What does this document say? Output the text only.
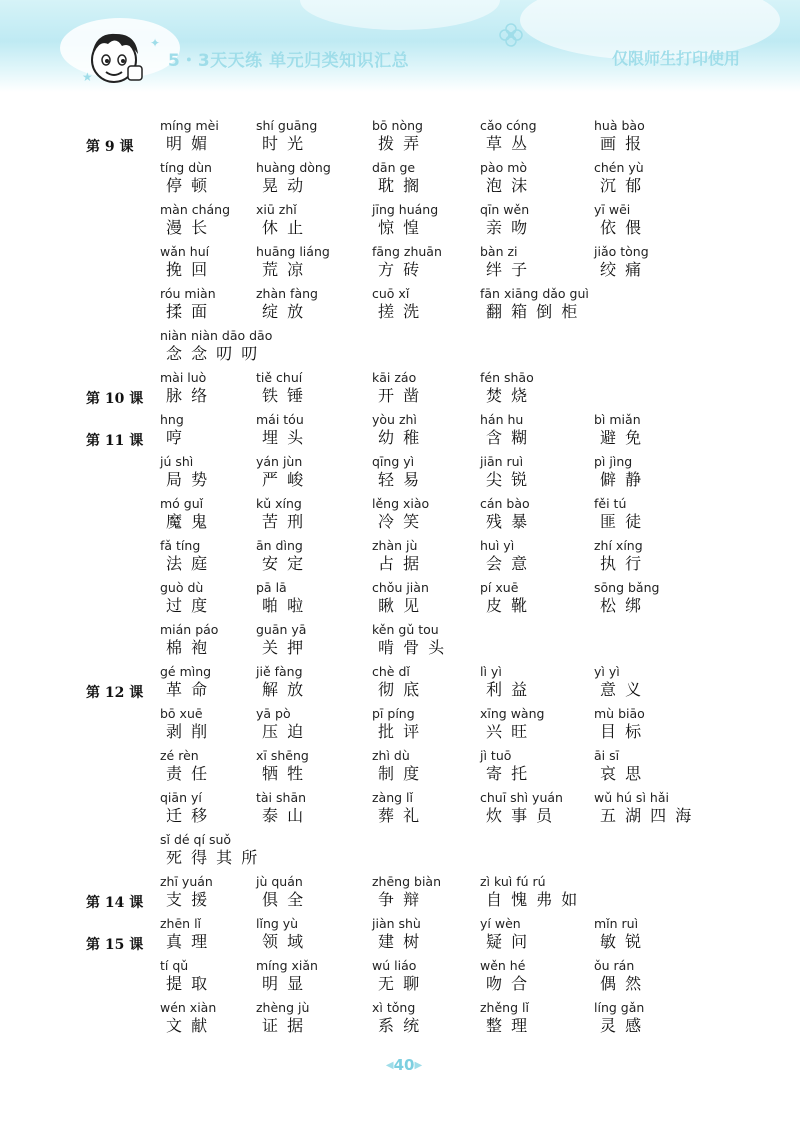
★
✦
5・3天天练 单元归类知识汇总	仅限师生打印使用
第 9 课
míng mèi
明 媚
shí guāng
时 光
bō nòng
拨 弄
cǎo cóng
草 丛
huà bào
画 报
tíng dùn
停 顿
huàng dòng
晃 动
dān ge
耽 搁
pào mò
泡 沫
chén yù
沉 郁
màn cháng
漫 长
xiū zhǐ
休 止
jīng huáng
惊 惶
qīn wěn
亲 吻
yī wēi
依 偎
wǎn huí
挽 回
huāng liáng
荒 凉
fāng zhuān
方 砖
bàn zi
绊 子
jiǎo tòng
绞 痛
róu miàn
揉 面
zhàn fàng
绽 放
cuō xǐ
搓 洗
fān xiāng dǎo guì
翻 箱 倒 柜
niàn niàn dāo dāo
念 念 叨 叨
第 10 课
mài luò
脉 络
tiě chuí
铁 锤
kāi záo
开 凿
fén shāo
焚 烧
第 11 课
hng
哼
mái tóu
埋 头
yòu zhì
幼 稚
hán hu
含 糊
bì miǎn
避 免
jú shì
局 势
yán jùn
严 峻
qīng yì
轻 易
jiān ruì
尖 锐
pì jìng
僻 静
mó guǐ
魔 鬼
kǔ xíng
苦 刑
lěng xiào
冷 笑
cán bào
残 暴
fěi tú
匪 徒
fǎ tíng
法 庭
ān dìng
安 定
zhàn jù
占 据
huì yì
会 意
zhí xíng
执 行
guò dù
过 度
pā lā
啪 啦
chǒu jiàn
瞅 见
pí xuē
皮 靴
sōng bǎng
松 绑
mián páo
棉 袍
guān yā
关 押
kěn gǔ tou
啃 骨 头
第 12 课
gé mìng
革 命
jiě fàng
解 放
chè dǐ
彻 底
lì yì
利 益
yì yì
意 义
bō xuē
剥 削
yā pò
压 迫
pī píng
批 评
xīng wàng
兴 旺
mù biāo
目 标
zé rèn
责 任
xī shēng
牺 牲
zhì dù
制 度
jì tuō
寄 托
āi sī
哀 思
qiān yí
迁 移
tài shān
泰 山
zàng lǐ
葬 礼
chuī shì yuán
炊 事 员
wǔ hú sì hǎi
五 湖 四 海
sǐ dé qí suǒ
死 得 其 所
第 14 课
zhī yuán
支 援
jù quán
俱 全
zhēng biàn
争 辩
zì kuì fú rú
自 愧 弗 如
第 15 课
zhēn lǐ
真 理
lǐng yù
领 域
jiàn shù
建 树
yí wèn
疑 问
mǐn ruì
敏 锐
tí qǔ
提 取
míng xiǎn
明 显
wú liáo
无 聊
wěn hé
吻 合
ǒu rán
偶 然
wén xiàn
文 献
zhèng jù
证 据
xì tǒng
系 统
zhěng lǐ
整 理
líng gǎn
灵 感
◀40▶
